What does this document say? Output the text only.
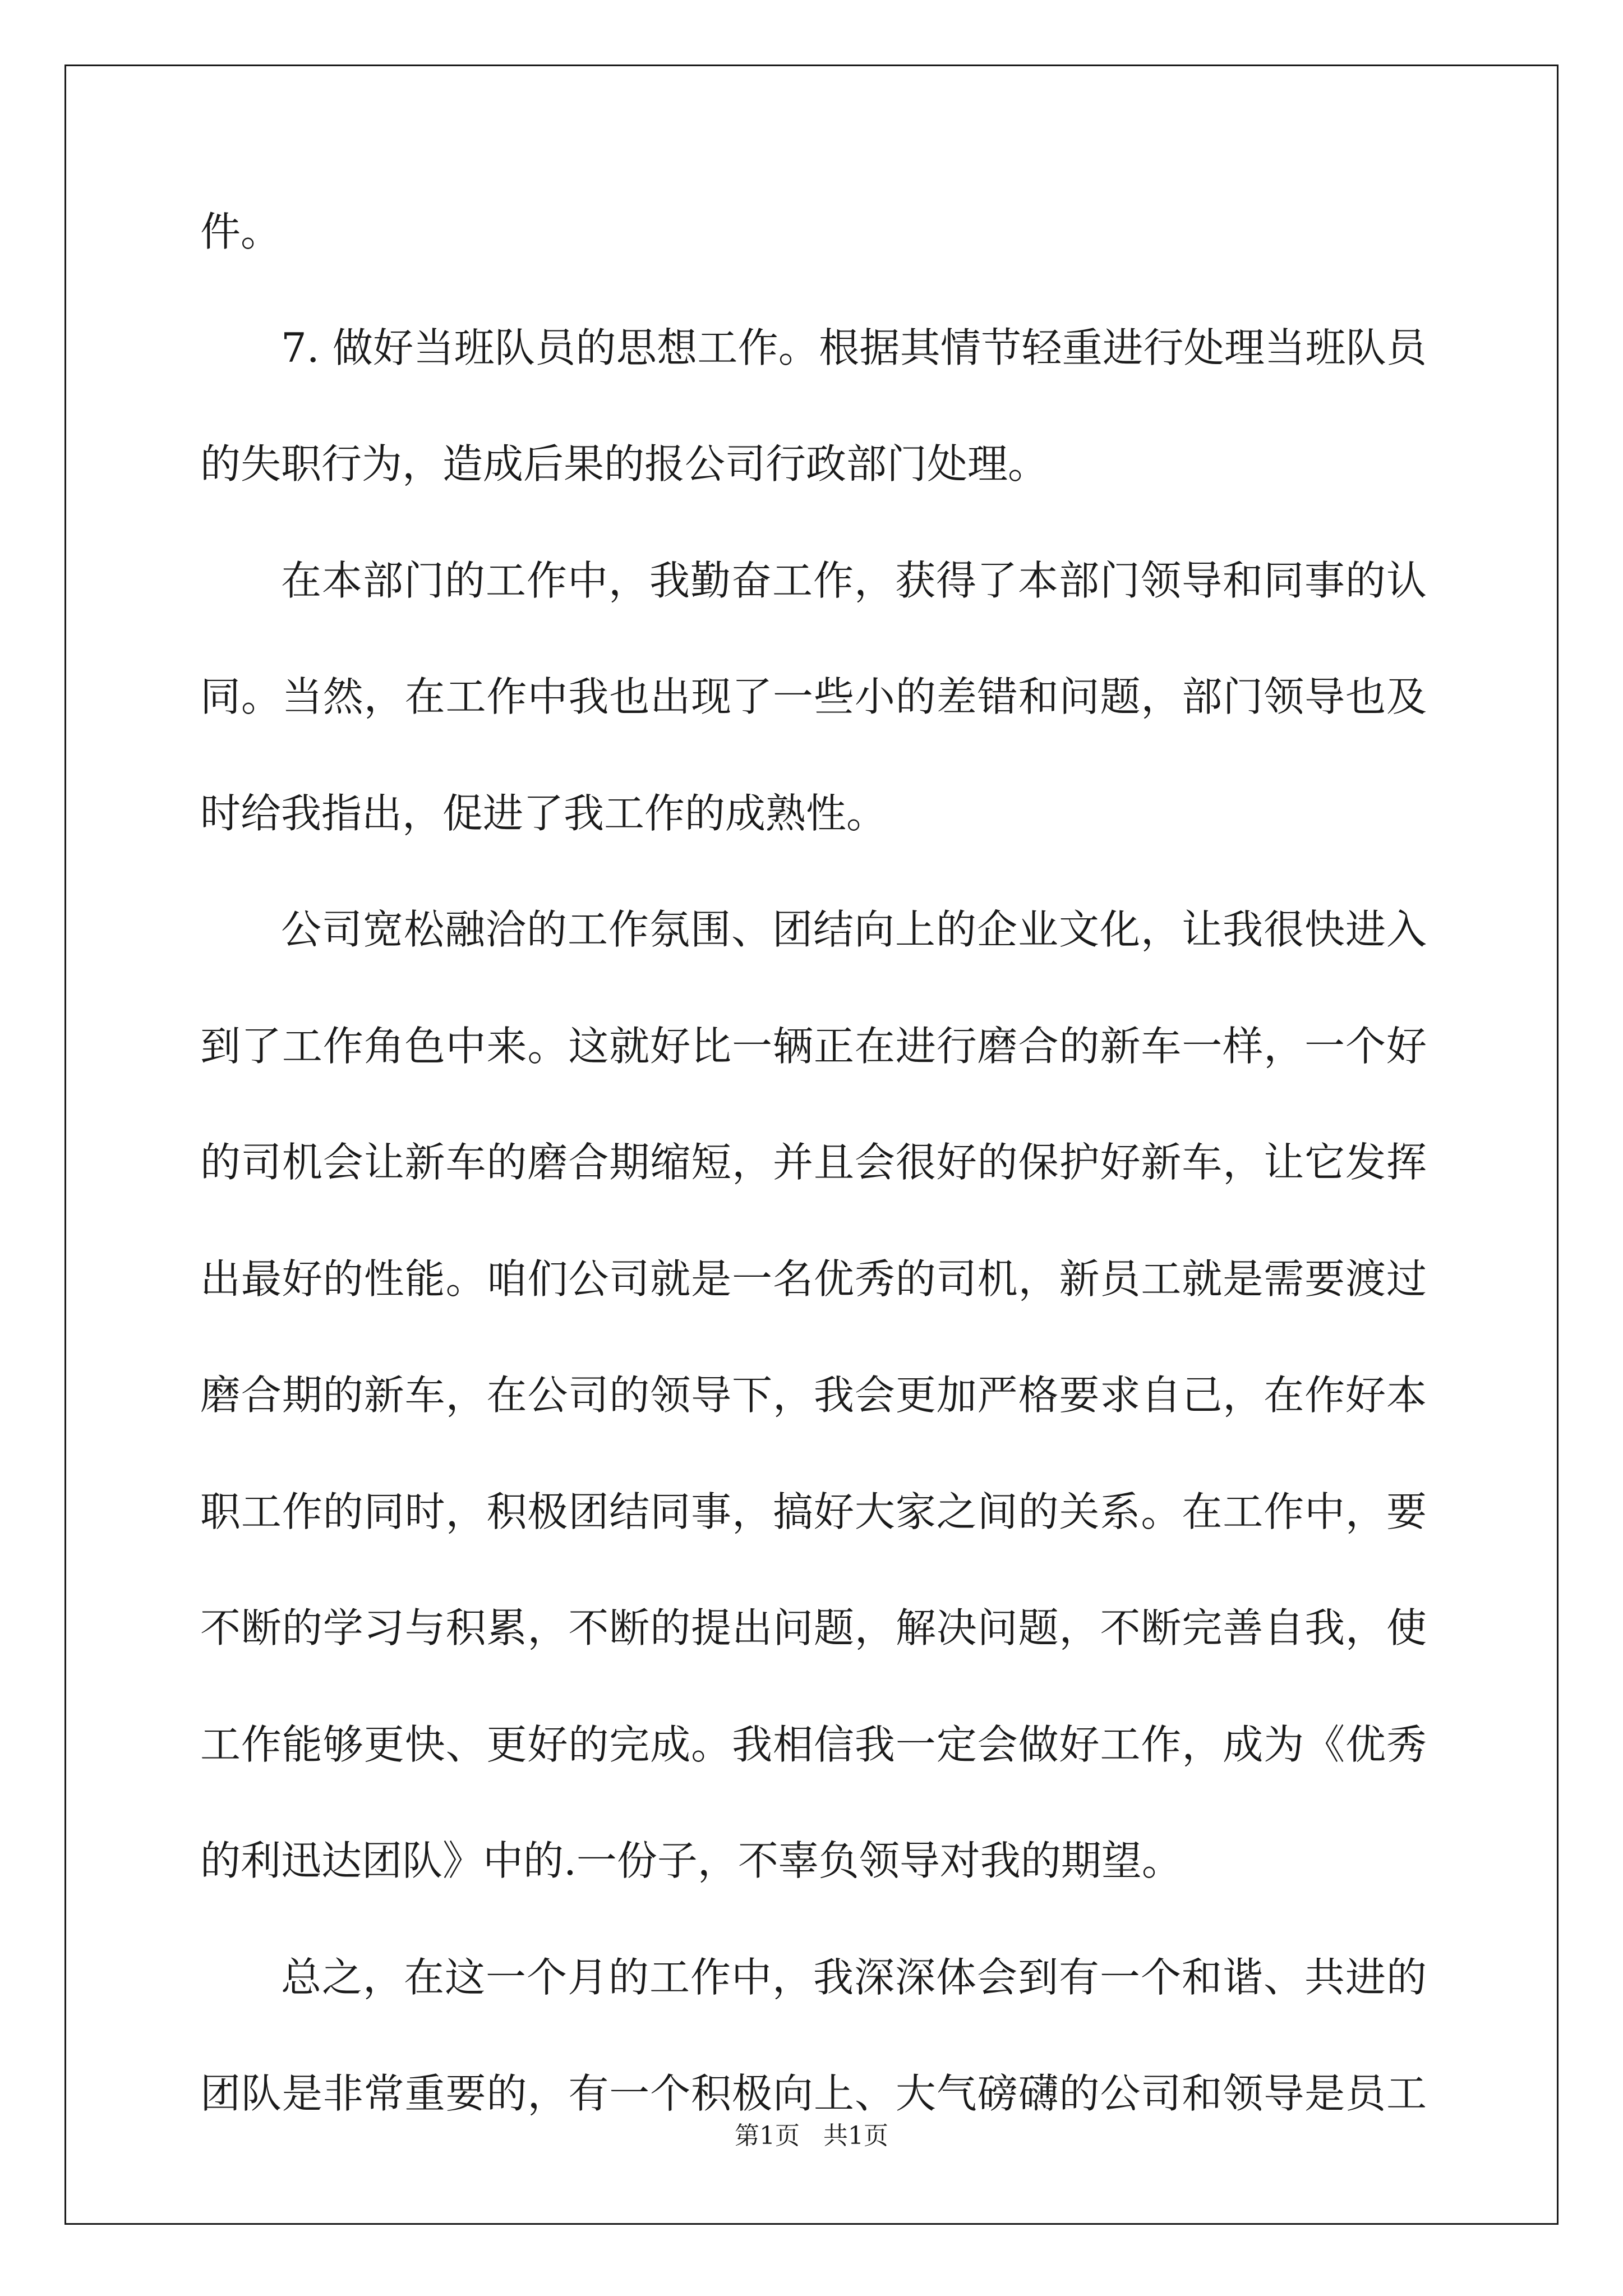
件。

7. 做好当班队员的思想工作。根据其情节轻重进行处理当班队员

的失职行为，造成后果的报公司行政部门处理。

在本部门的工作中，我勤奋工作，获得了本部门领导和同事的认

同。当然，在工作中我也出现了一些小的差错和问题，部门领导也及

时给我指出，促进了我工作的成熟性。

公司宽松融洽的工作氛围、团结向上的企业文化，让我很快进入

到了工作角色中来。这就好比一辆正在进行磨合的新车一样，一个好

的司机会让新车的磨合期缩短，并且会很好的保护好新车，让它发挥

出最好的性能。咱们公司就是一名优秀的司机，新员工就是需要渡过

磨合期的新车，在公司的领导下，我会更加严格要求自己，在作好本

职工作的同时，积极团结同事，搞好大家之间的关系。在工作中，要

不断的学习与积累，不断的提出问题，解决问题，不断完善自我，使

工作能够更快、更好的完成。我相信我一定会做好工作，成为《优秀

的利迅达团队》中的.一份子，不辜负领导对我的期望。

总之，在这一个月的工作中，我深深体会到有一个和谐、共进的

团队是非常重要的，有一个积极向上、大气磅礴的公司和领导是员工

第1页   共1页
